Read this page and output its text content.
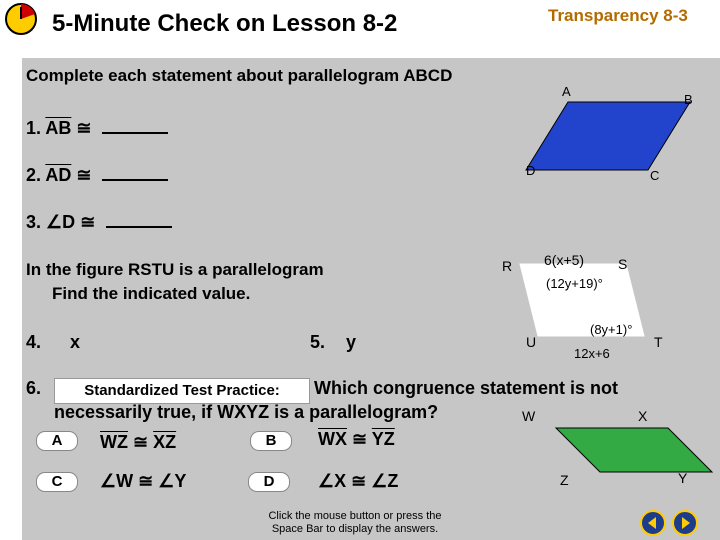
5-Minute Check on Lesson 8-2	Transparency 8-3
Complete each statement about parallelogram ABCD
1. $\overline{AB}$ ≅
2. $\overline{AD}$ ≅
3. ∠D ≅
A
B
C
D
In the figure RSTU is a parallelogram
Find the indicated value.
4. x	5. y
R	S
T
U
6(x+5)
(12y+19)°
(8y+1)°
12x+6
6.	Standardized Test Practice:	Which congruence statement is not
necessarily true, if WXYZ is a parallelogram?
A	$\overline{WZ}$ ≅ $\overline{XZ}$	B	$\overline{WX}$ ≅ $\overline{YZ}$
C	∠W ≅ ∠Y	D	∠X ≅ ∠Z
W	X
Y
Z
Click the mouse button or press the
Space Bar to display the answers.
